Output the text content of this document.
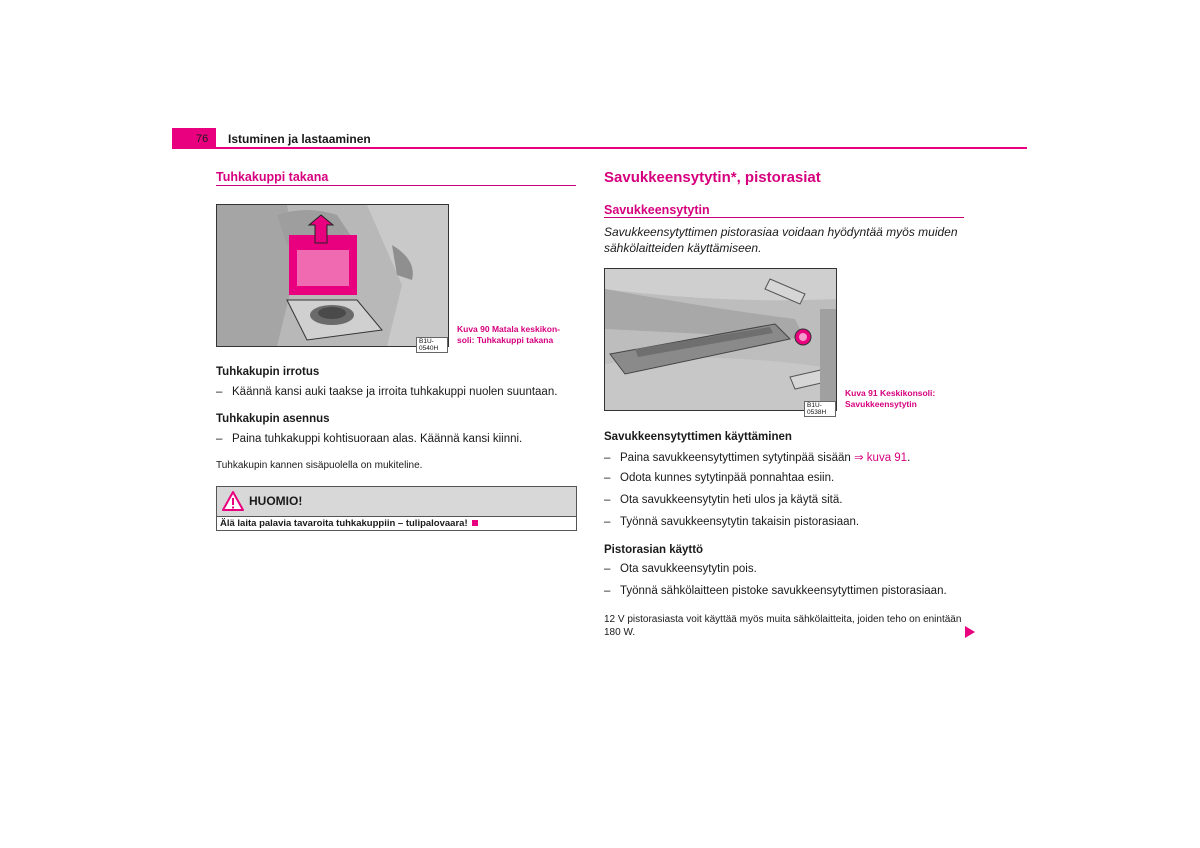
76 Istuminen ja lastaaminen
Tuhkakuppi takana
B1U-0540H
Kuva 90 Matala keskikon-
soli: Tuhkakuppi takana
Tuhkakupin irrotus
– Käännä kansi auki taakse ja irroita tuhkakuppi nuolen suuntaan.
Tuhkakupin asennus
– Paina tuhkakuppi kohtisuoraan alas. Käännä kansi kiinni.
Tuhkakupin kannen sisäpuolella on mukiteline.
HUOMIO!
Älä laita palavia tavaroita tuhkakuppiin – tulipalovaara!
Savukkeensytytin*, pistorasiat
Savukkeensytytin
Savukkeensytyttimen pistorasiaa voidaan hyödyntää myös muiden
sähkölaitteiden käyttämiseen.
B1U-0538H
Kuva 91 Keskikonsoli:
Savukkeensytytin
Savukkeensytyttimen käyttäminen
– Paina savukkeensytyttimen sytytinpää sisään ⇒ kuva 91.
– Odota kunnes sytytinpää ponnahtaa esiin.
– Ota savukkeensytytin heti ulos ja käytä sitä.
– Työnnä savukkeensytytin takaisin pistorasiaan.
Pistorasian käyttö
– Ota savukkeensytytin pois.
– Työnnä sähkölaitteen pistoke savukkeensytyttimen pistorasiaan.
12 V pistorasiasta voit käyttää myös muita sähkölaitteita, joiden teho on enintään
180 W.
